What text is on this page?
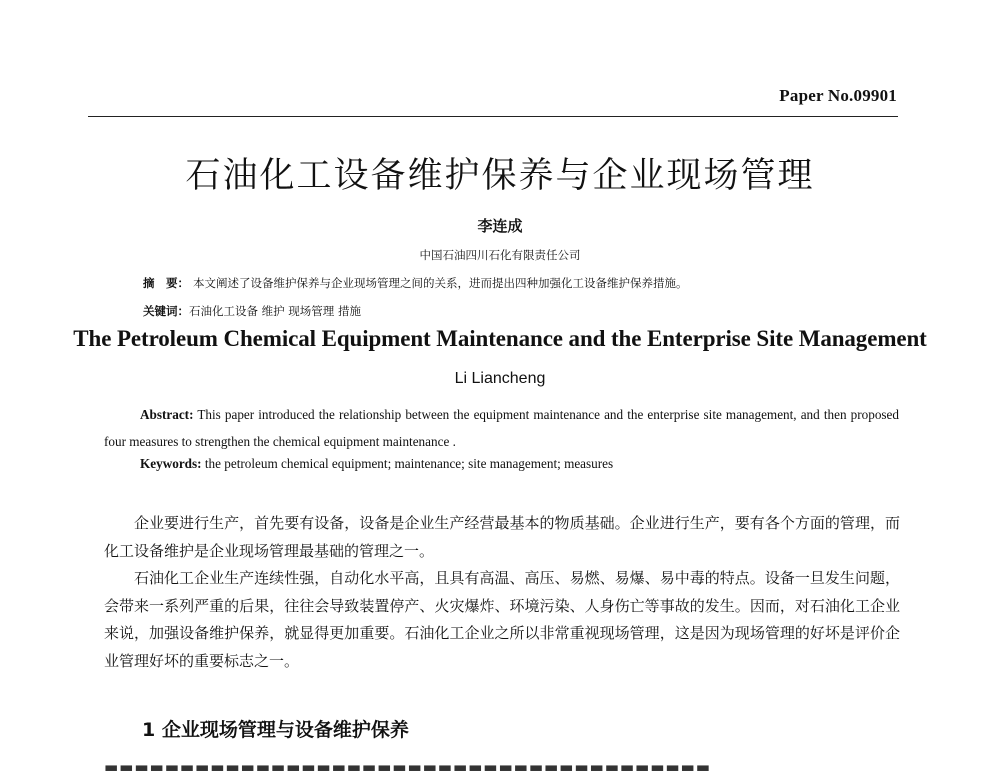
Paper No.09901
石油化工设备维护保养与企业现场管理
李连成
中国石油四川石化有限责任公司
摘　要： 本文阐述了设备维护保养与企业现场管理之间的关系，进而提出四种加强化工设备维护保养措施。
关键词：石油化工设备 维护 现场管理 措施
The Petroleum Chemical Equipment Maintenance and the Enterprise Site Management
Li Liancheng
Abstract: This paper introduced the relationship between the equipment maintenance and the enterprise site management, and then proposed four measures to strengthen the chemical equipment maintenance .
Keywords: the petroleum chemical equipment; maintenance; site management; measures

企业要进行生产，首先要有设备，设备是企业生产经营最基本的物质基础。企业进行生产，要有各个方面的管理，而化工设备维护是企业现场管理最基础的管理之一。

石油化工企业生产连续性强，自动化水平高，且具有高温、高压、易燃、易爆、易中毒的特点。设备一旦发生问题，会带来一系列严重的后果，往往会导致装置停产、火灾爆炸、环境污染、人身伤亡等事故的发生。因而，对石油化工企业来说，加强设备维护保养，就显得更加重要。石油化工企业之所以非常重视现场管理，这是因为现场管理的好坏是评价企业管理好坏的重要标志之一。

1 企业现场管理与设备维护保养
▬▬▬▬▬▬▬▬▬▬▬▬▬▬▬▬▬▬▬▬▬▬▬▬▬▬▬▬▬▬▬▬▬▬▬▬▬▬▬▬
